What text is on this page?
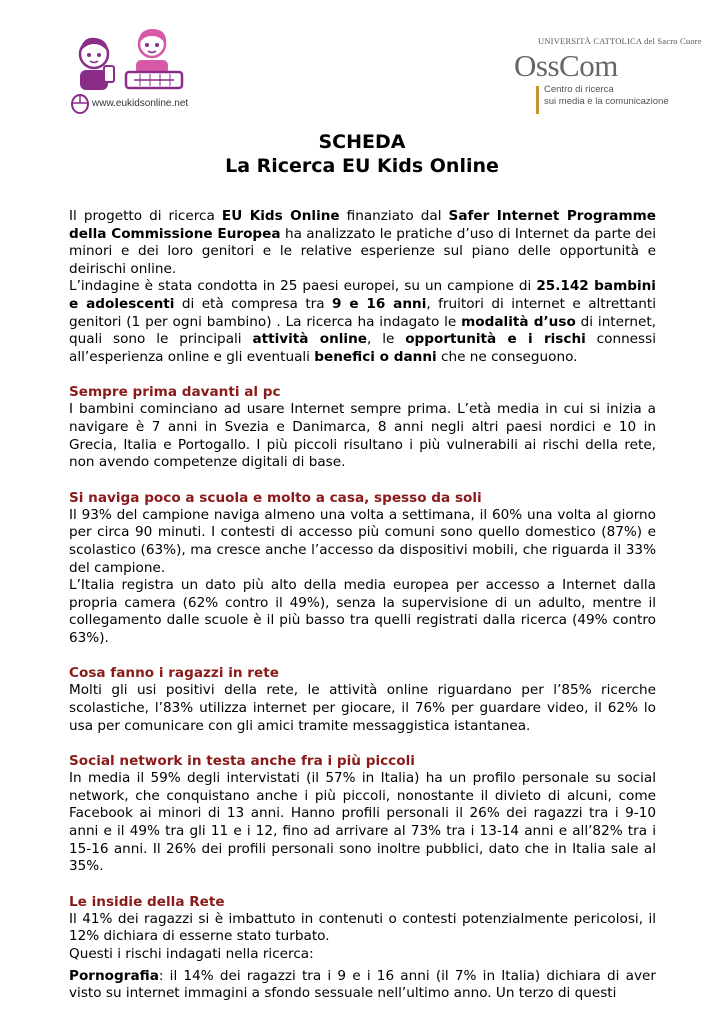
www.eukidsonline.net
UNIVERSITÀ CATTOLICA del Sacro Cuore
OssCom
Centro di ricerca
sui media e la comunicazione
SCHEDA
La Ricerca EU Kids Online

Il progetto di ricerca EU Kids Online finanziato dal Safer Internet Programme della Commissione Europea ha analizzato le pratiche d’uso di Internet da parte dei minori e dei loro genitori e le relative esperienze sul piano delle opportunità e deirischi online.

L’indagine è stata condotta in 25 paesi europei, su un campione di 25.142 bambini e adolescenti di età compresa tra 9 e 16 anni, fruitori di internet e altrettanti genitori (1 per ogni bambino) . La ricerca ha indagato le modalità d’uso di internet, quali sono le principali attività online, le opportunità e i rischi connessi all’esperienza online e gli eventuali benefici o danni che ne conseguono.

Sempre prima davanti al pc

I bambini cominciano ad usare Internet sempre prima. L’età media in cui si inizia a navigare è 7 anni in Svezia e Danimarca, 8 anni negli altri paesi nordici e 10 in Grecia, Italia e Portogallo. I più piccoli risultano i più vulnerabili ai rischi della rete, non avendo competenze digitali di base.

Si naviga poco a scuola e molto a casa, spesso da soli

Il 93% del campione naviga almeno una volta a settimana, il 60% una volta al giorno per circa 90 minuti. I contesti di accesso più comuni sono quello domestico (87%) e scolastico (63%), ma cresce anche l’accesso da dispositivi mobili, che riguarda il 33% del campione.

L’Italia registra un dato più alto della media europea per accesso a Internet dalla propria camera (62% contro il 49%), senza la supervisione di un adulto, mentre il collegamento dalle scuole è il più basso tra quelli registrati dalla ricerca (49% contro 63%).

Cosa fanno i ragazzi in rete

Molti gli usi positivi della rete, le attività online riguardano per l’85% ricerche scolastiche, l’83% utilizza internet per giocare, il 76% per guardare video, il 62% lo usa per comunicare con gli amici tramite messaggistica istantanea.

Social network in testa anche fra i più piccoli

In media il 59% degli intervistati (il 57% in Italia) ha un profilo personale su social network, che conquistano anche i più piccoli, nonostante il divieto di alcuni, come Facebook ai minori di 13 anni. Hanno profili personali il 26% dei ragazzi tra i 9-10 anni e il 49% tra gli 11 e i 12, fino ad arrivare al 73% tra i 13-14 anni e all’82% tra i 15-16 anni. Il 26% dei profili personali sono inoltre pubblici, dato che in Italia sale al 35%.

Le insidie della Rete

Il 41% dei ragazzi si è imbattuto in contenuti o contesti potenzialmente pericolosi, il 12% dichiara di esserne stato turbato.

Questi i rischi indagati nella ricerca:

Pornografia: il 14% dei ragazzi tra i 9 e i 16 anni (il 7% in Italia) dichiara di aver visto su internet immagini a sfondo sessuale nell’ultimo anno. Un terzo di questi
